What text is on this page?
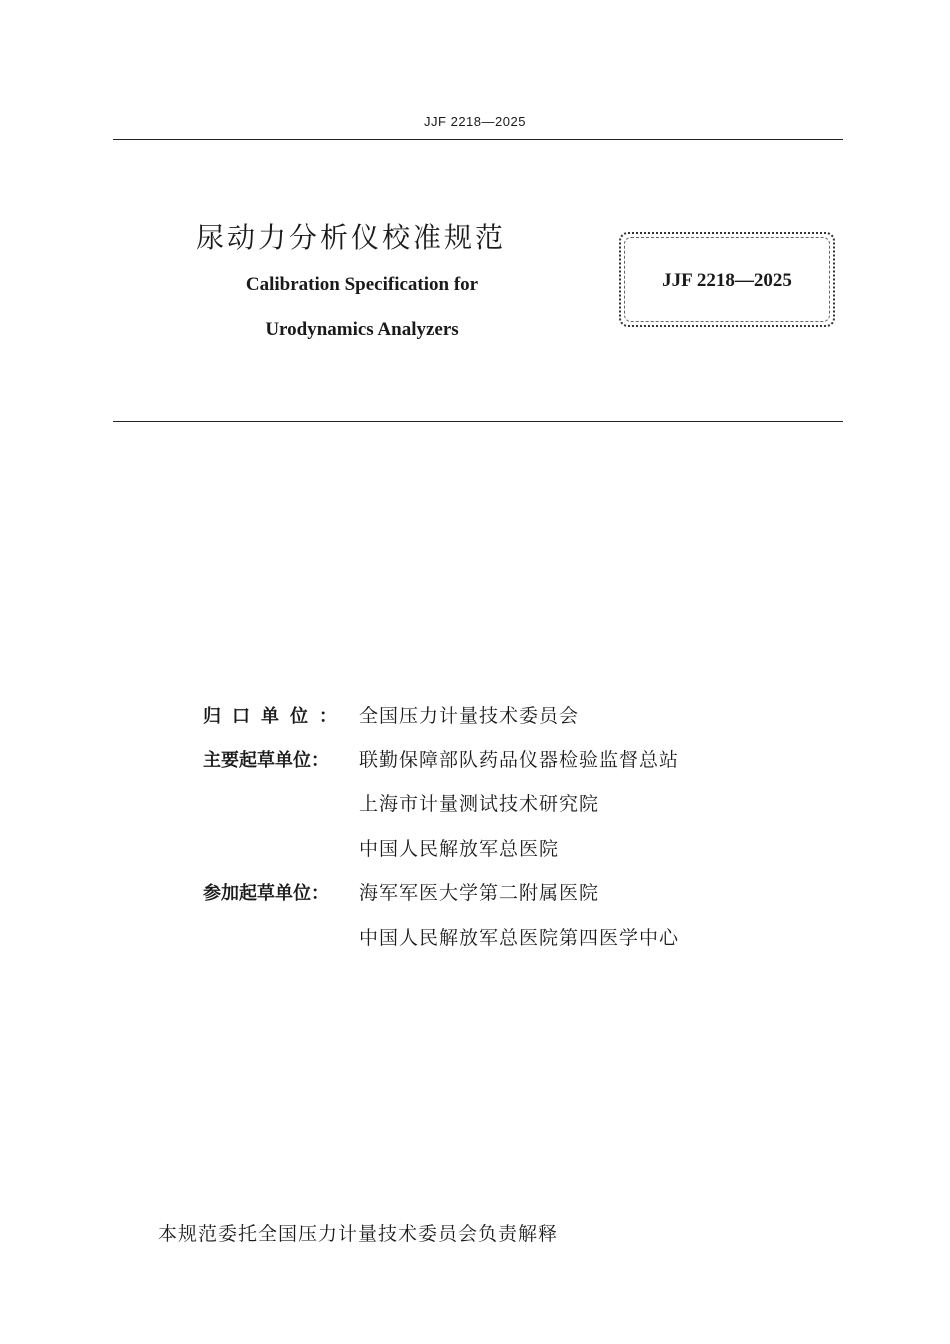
JJF 2218—2025
尿动力分析仪校准规范
Calibration Specification for
Urodynamics Analyzers
JJF 2218—2025
归口单位： 全国压力计量技术委员会
主要起草单位： 联勤保障部队药品仪器检验监督总站
上海市计量测试技术研究院
中国人民解放军总医院
参加起草单位： 海军军医大学第二附属医院
中国人民解放军总医院第四医学中心
本规范委托全国压力计量技术委员会负责解释
